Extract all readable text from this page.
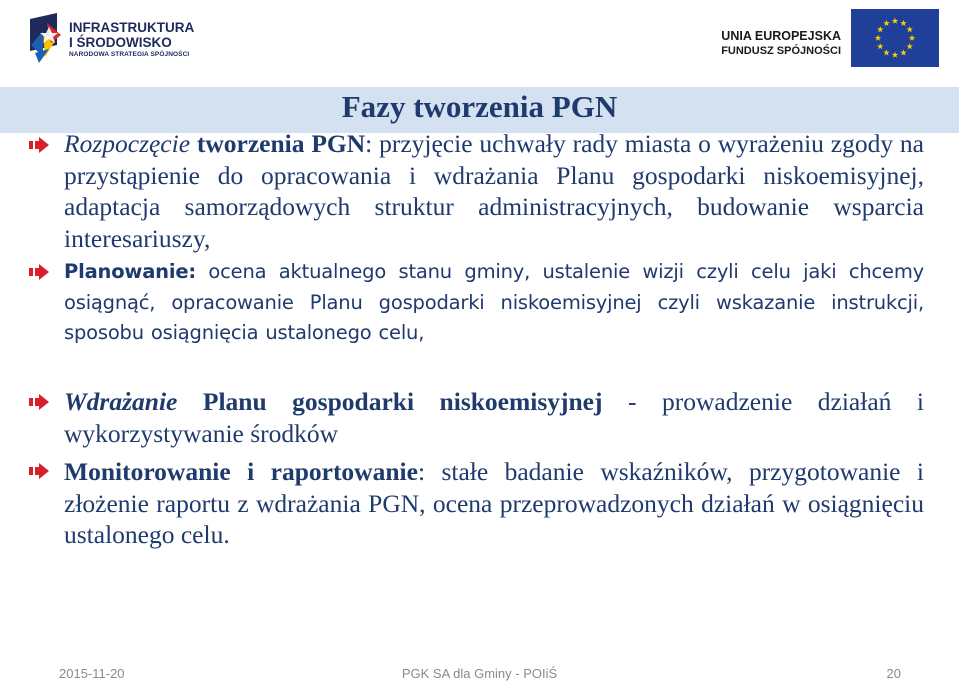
INFRASTRUKTURA
I ŚRODOWISKO
NARODOWA STRATEGIA SPÓJNOŚCI
UNIA EUROPEJSKA
FUNDUSZ SPÓJNOŚCI
Fazy tworzenia PGN
Rozpoczęcie tworzenia PGN: przyjęcie uchwały rady miasta o wyrażeniu zgody na przystąpienie do opracowania i wdrażania Planu gospodarki niskoemisyjnej, adaptacja samorządowych struktur administracyjnych, budowanie wsparcia interesariuszy,
Planowanie: ocena aktualnego stanu gminy, ustalenie wizji czyli celu jaki chcemy osiągnąć, opracowanie Planu gospodarki niskoemisyjnej czyli wskazanie instrukcji, sposobu osiągnięcia ustalonego celu,
Wdrażanie Planu gospodarki niskoemisyjnej - prowadzenie działań i wykorzystywanie środków
Monitorowanie i raportowanie: stałe badanie wskaźników, przygotowanie i złożenie raportu z wdrażania PGN, ocena przeprowadzonych działań w osiągnięciu ustalonego celu.
2015-11-20	PGK SA dla Gminy - POIiŚ	20
